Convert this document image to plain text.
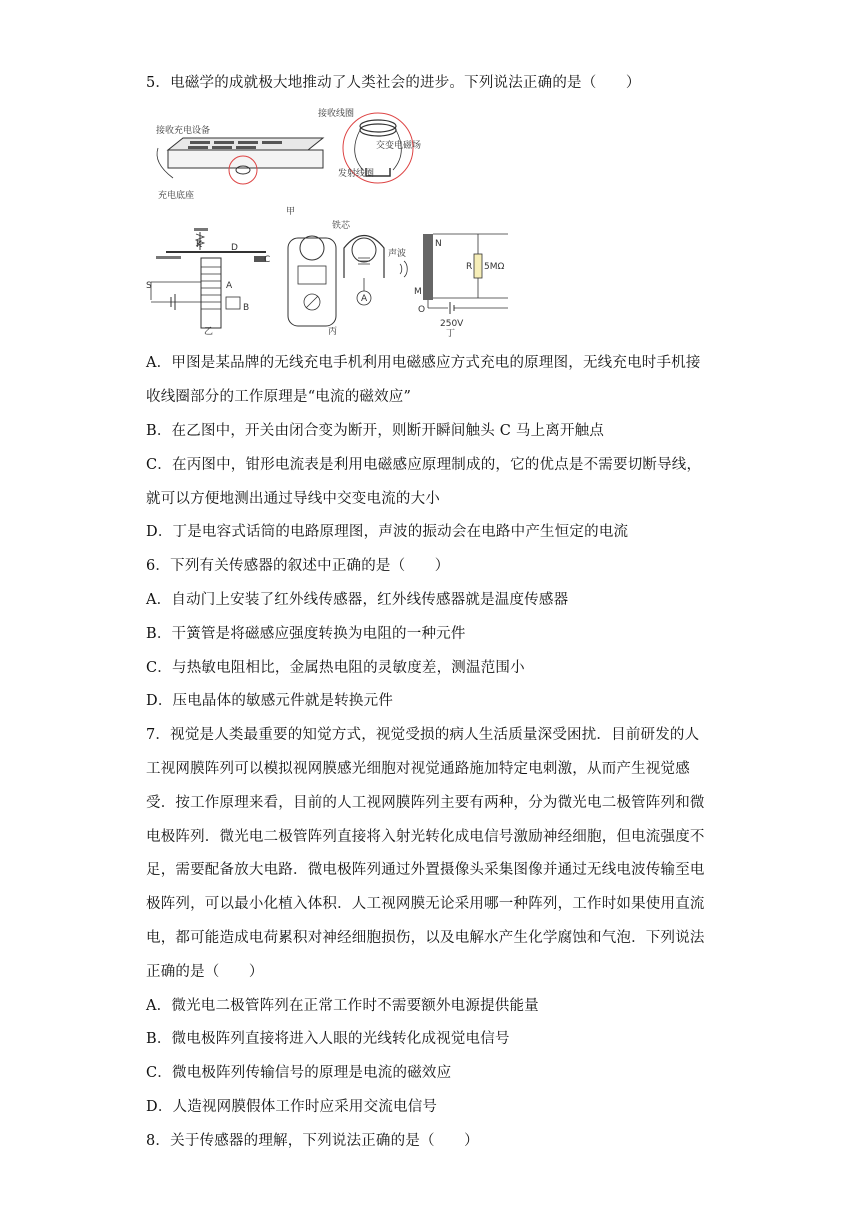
5．电磁学的成就极大地推动了人类社会的进步。下列说法正确的是（　　）
接收充电设备
充电底座
接收线圈
交变电磁场
发射线圈
甲
K	D
C
S	A
B
乙
A
铁芯
丙
声波
N
M
O
R 5MΩ
250V
丁
A．甲图是某品牌的无线充电手机利用电磁感应方式充电的原理图，无线充电时手机接
收线圈部分的工作原理是“电流的磁效应”
B．在乙图中，开关由闭合变为断开，则断开瞬间触头 C 马上离开触点
C．在丙图中，钳形电流表是利用电磁感应原理制成的，它的优点是不需要切断导线，
就可以方便地测出通过导线中交变电流的大小
D．丁是电容式话筒的电路原理图，声波的振动会在电路中产生恒定的电流
6．下列有关传感器的叙述中正确的是（　　）
A．自动门上安装了红外线传感器，红外线传感器就是温度传感器
B．干簧管是将磁感应强度转换为电阻的一种元件
C．与热敏电阻相比，金属热电阻的灵敏度差，测温范围小
D．压电晶体的敏感元件就是转换元件
7．视觉是人类最重要的知觉方式，视觉受损的病人生活质量深受困扰．目前研发的人
工视网膜阵列可以模拟视网膜感光细胞对视觉通路施加特定电刺激，从而产生视觉感
受．按工作原理来看，目前的人工视网膜阵列主要有两种，分为微光电二极管阵列和微
电极阵列．微光电二极管阵列直接将入射光转化成电信号激励神经细胞，但电流强度不
足，需要配备放大电路．微电极阵列通过外置摄像头采集图像并通过无线电波传输至电
极阵列，可以最小化植入体积．人工视网膜无论采用哪一种阵列，工作时如果使用直流
电，都可能造成电荷累积对神经细胞损伤，以及电解水产生化学腐蚀和气泡．下列说法
正确的是（　　）
A．微光电二极管阵列在正常工作时不需要额外电源提供能量
B．微电极阵列直接将进入人眼的光线转化成视觉电信号
C．微电极阵列传输信号的原理是电流的磁效应
D．人造视网膜假体工作时应采用交流电信号
8．关于传感器的理解，下列说法正确的是（　　）
